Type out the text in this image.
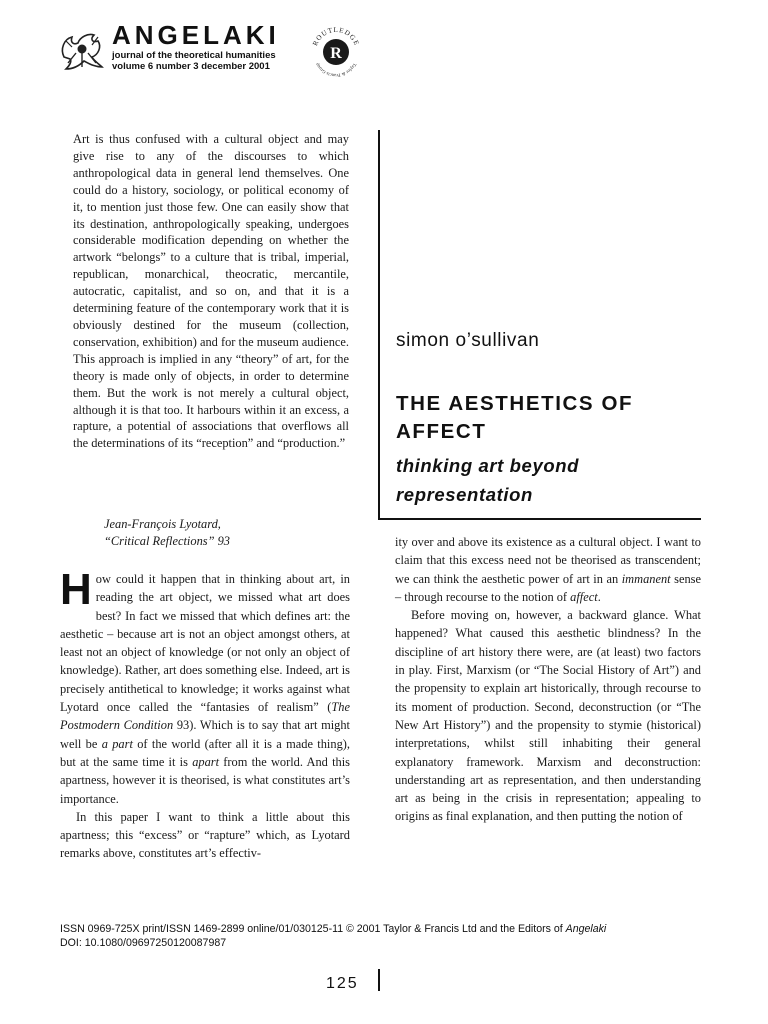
ANGELAKI
journal of the theoretical humanities
volume 6 number 3 december 2001
R
ROUTLEDGE
Taylor & Francis Group
Art is thus confused with a cultural object and may give rise to any of the discourses to which anthropological data in general lend themselves. One could do a history, sociology, or political economy of it, to mention just those few. One can easily show that its destination, anthropologically speaking, undergoes considerable modification depending on whether the artwork “belongs” to a culture that is tribal, imperial, republican, monarchical, theocratic, mercantile, autocratic, capitalist, and so on, and that it is a determining feature of the contemporary work that it is obviously destined for the museum (collection, conservation, exhibition) and for the museum audience. This approach is implied in any “theory” of art, for the theory is made only of objects, in order to determine them. But the work is not merely a cultural object, although it is that too. It harbours within it an excess, a rapture, a potential of associations that overflows all the determinations of its “reception” and “production.”
Jean-François Lyotard,
“Critical Reflections” 93
simon o’sullivan
THE AESTHETICS OF AFFECT
thinking art beyond representation

How could it happen that in thinking about art, in reading the art object, we missed what art does best? In fact we missed that which defines art: the aesthetic – because art is not an object amongst others, at least not an object of knowledge (or not only an object of knowledge). Rather, art does something else. Indeed, art is precisely antithetical to knowledge; it works against what Lyotard once called the “fantasies of realism” (The Postmodern Condition 93). Which is to say that art might well be a part of the world (after all it is a made thing), but at the same time it is apart from the world. And this apartness, however it is theorised, is what constitutes art’s importance.

In this paper I want to think a little about this apartness; this “excess” or “rapture” which, as Lyotard remarks above, constitutes art’s effectiv-

ity over and above its existence as a cultural object. I want to claim that this excess need not be theorised as transcendent; we can think the aesthetic power of art in an immanent sense – through recourse to the notion of affect.

Before moving on, however, a backward glance. What happened? What caused this aesthetic blindness? In the discipline of art history there were, are (at least) two factors in play. First, Marxism (or “The Social History of Art”) and the propensity to explain art historically, through recourse to its moment of production. Second, deconstruction (or “The New Art History”) and the propensity to stymie (historical) interpretations, whilst still inhabiting their general explanatory framework. Marxism and deconstruction: understanding art as representation, and then understanding art as being in the crisis in representation; appealing to origins as final explanation, and then putting the notion of

ISSN 0969-725X print/ISSN 1469-2899 online/01/030125-11 © 2001 Taylor & Francis Ltd and the Editors of Angelaki
DOI: 10.1080/09697250120087987
125
